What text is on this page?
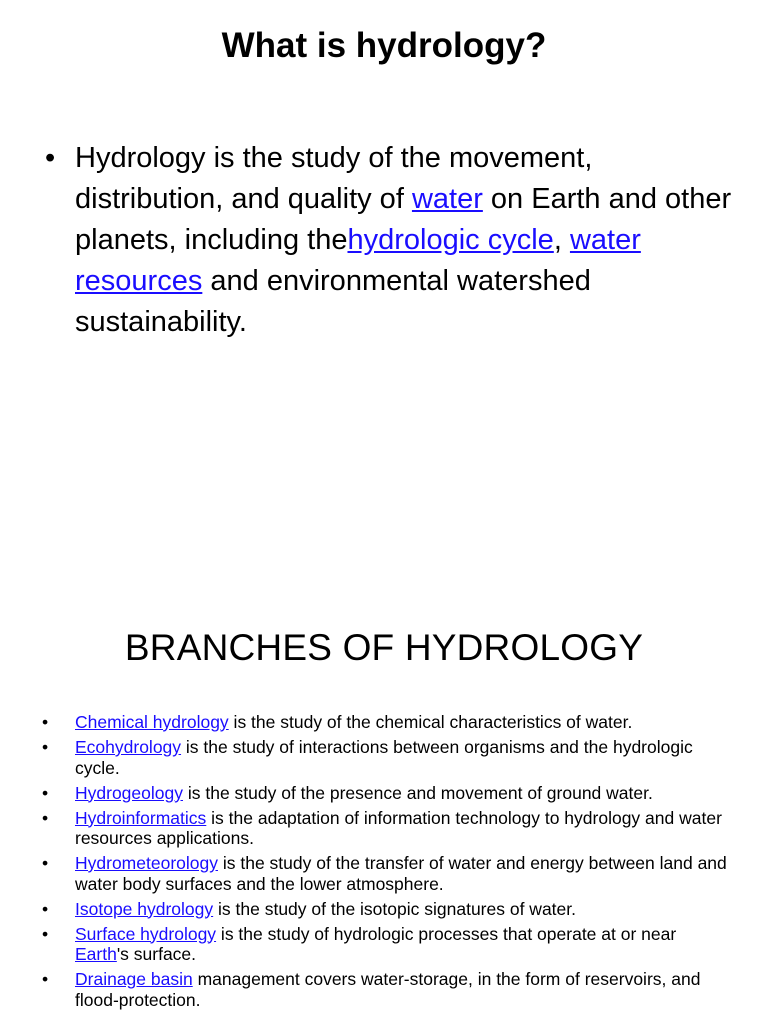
What is hydrology?
• Hydrology is the study of the movement, distribution, and quality of water on Earth and other planets, including thehydrologic cycle, water resources and environmental watershed sustainability.
BRANCHES OF HYDROLOGY
• Chemical hydrology is the study of the chemical characteristics of water.
• Ecohydrology is the study of interactions between organisms and the hydrologic cycle.
• Hydrogeology is the study of the presence and movement of ground water.
• Hydroinformatics is the adaptation of information technology to hydrology and water resources applications.
• Hydrometeorology is the study of the transfer of water and energy between land and water body surfaces and the lower atmosphere.
• Isotope hydrology is the study of the isotopic signatures of water.
• Surface hydrology is the study of hydrologic processes that operate at or near Earth's surface.
• Drainage basin management covers water-storage, in the form of reservoirs, and flood-protection.
